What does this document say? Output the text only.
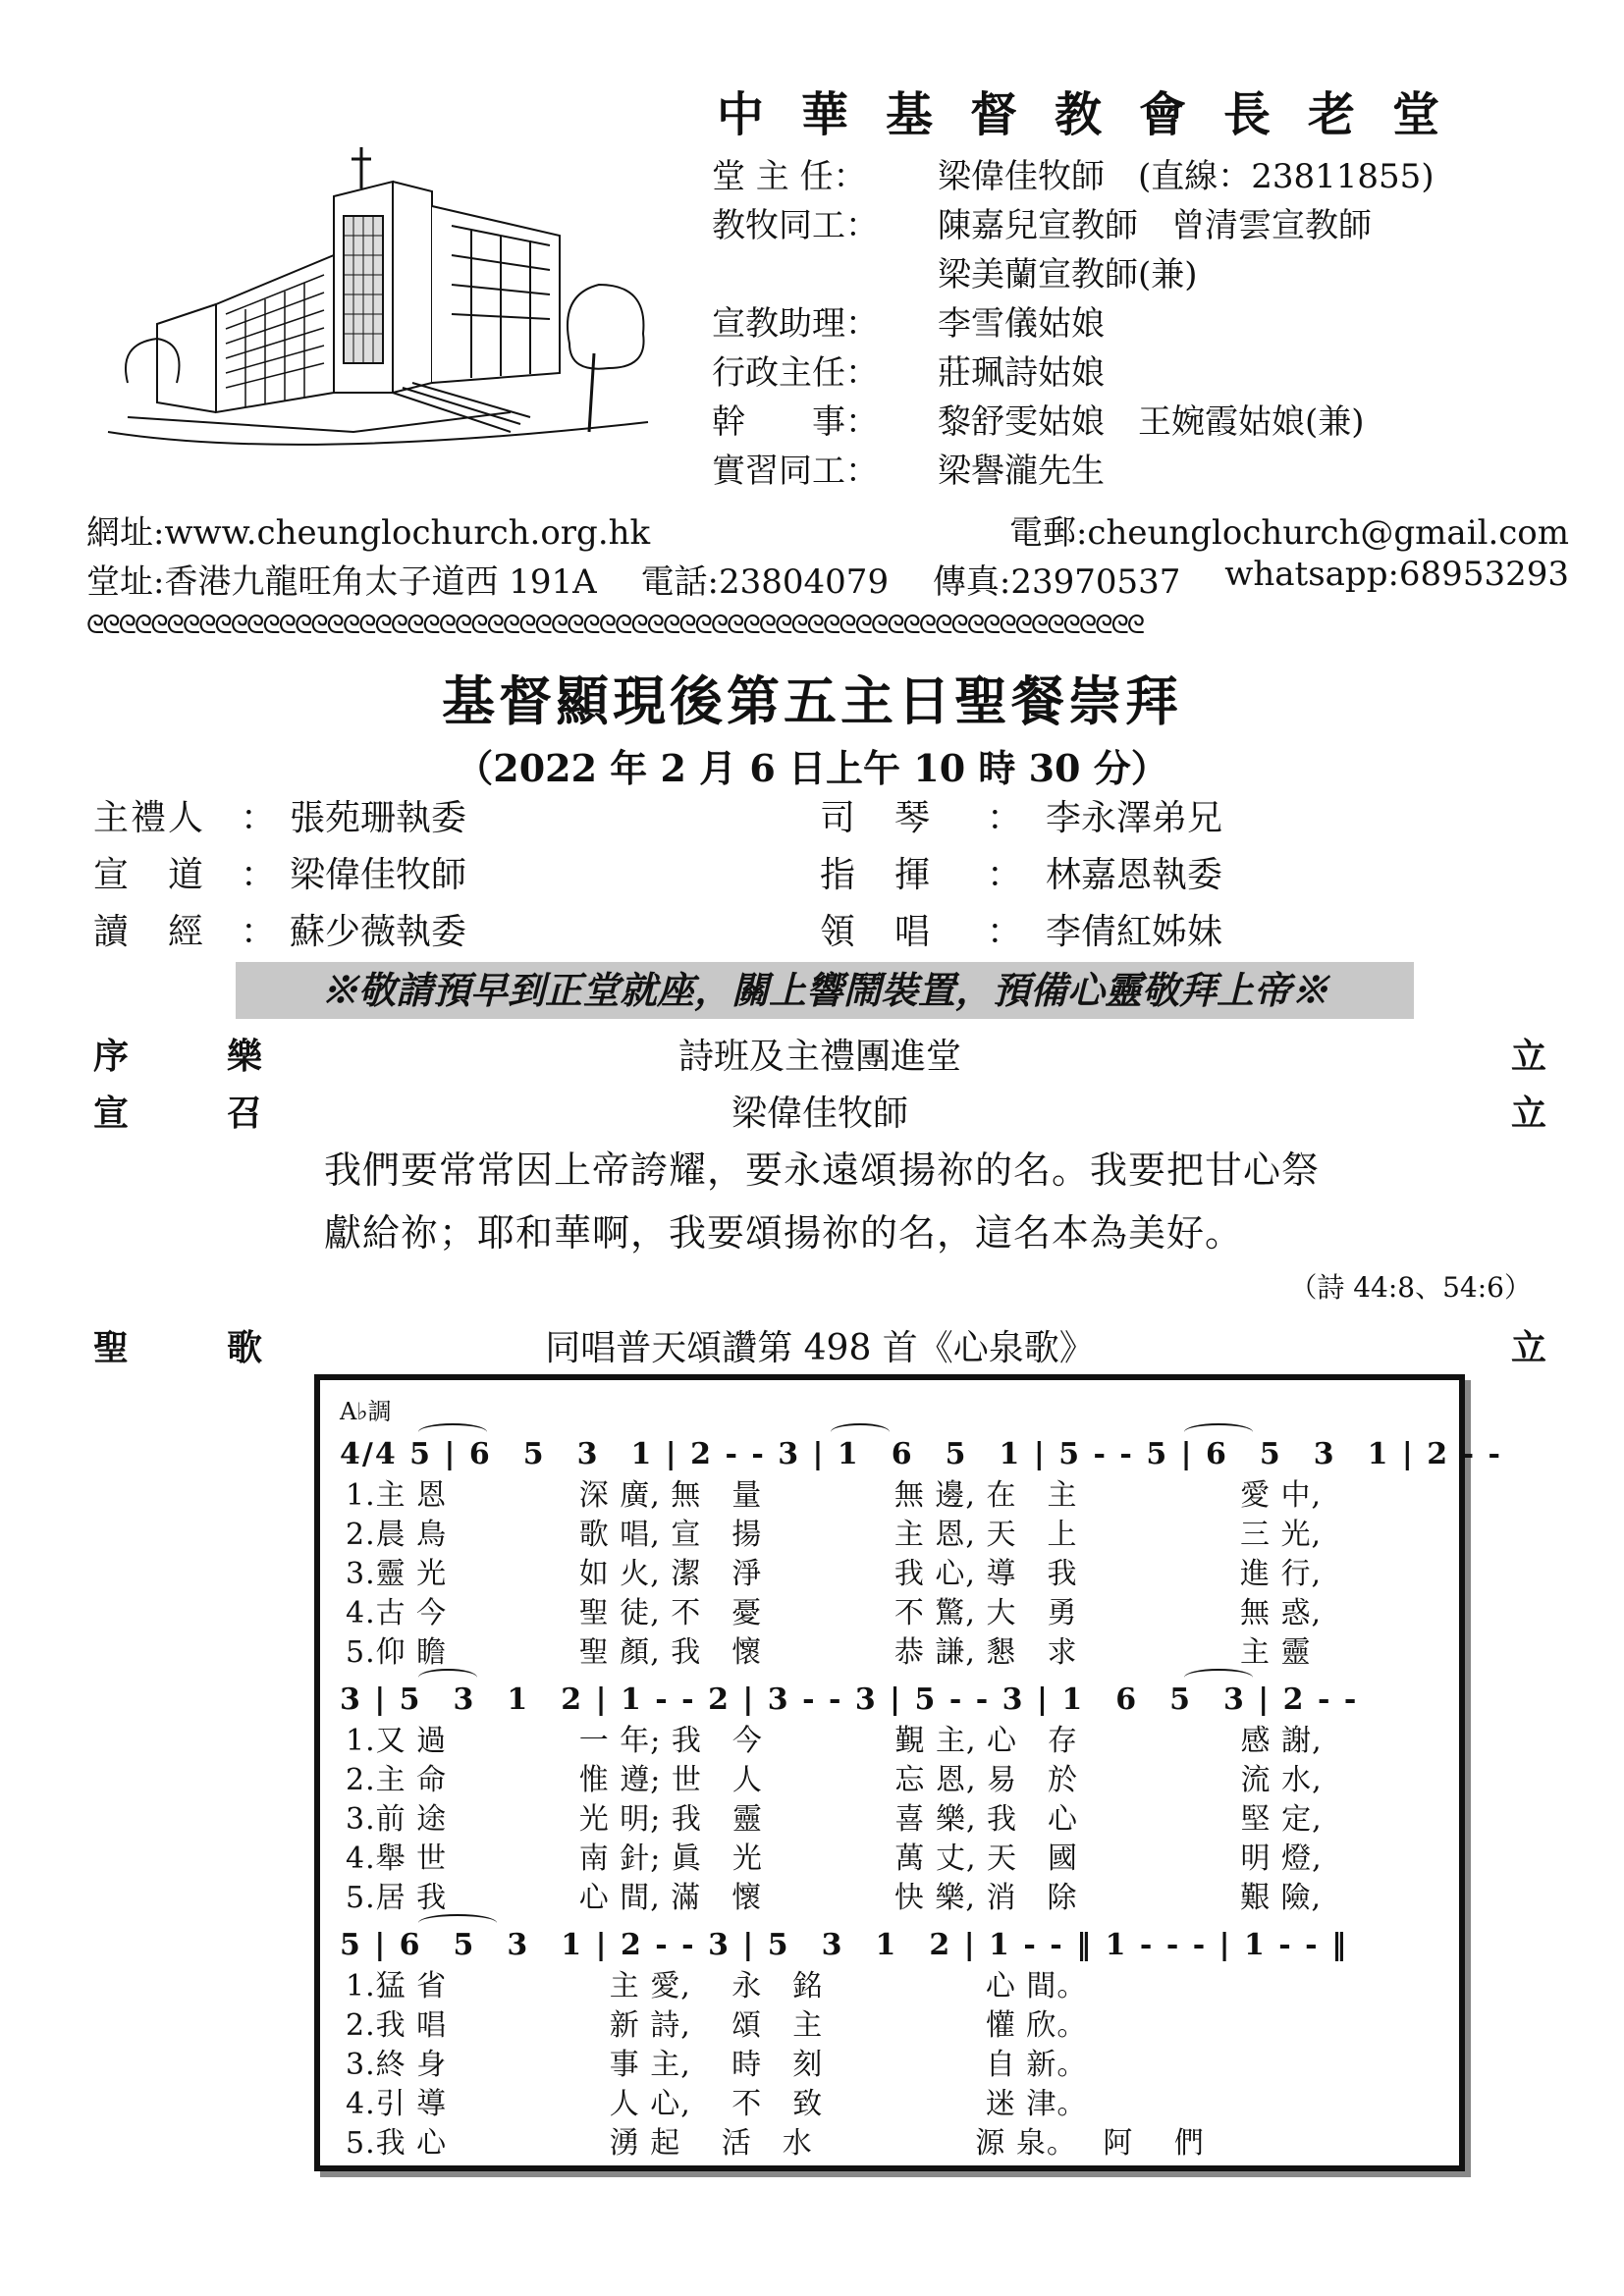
中華基督教會長老堂
堂 主 任：	梁偉佳牧師　(直線：23811855)
教牧同工：	陳嘉兒宣教師　曾清雲宣教師
梁美蘭宣教師(兼)
宣教助理：	李雪儀姑娘
行政主任：	莊珮詩姑娘
幹　　事：	黎舒雯姑娘　王婉霞姑娘(兼)
實習同工：	梁譽瀧先生
網址:www.cheunglochurch.org.hk	電郵:cheunglochurch@gmail.com
堂址:香港九龍旺角太子道西 191A 電話:23804079 傳真:23970537 whatsapp:68953293
ᘓᘓᘓᘓᘓᘓᘓᘓᘓᘓᘓᘓᘓᘓᘓᘓᘓᘓᘓᘓᘓᘓᘓᘓᘓᘓᘓᘓᘓᘓᘓᘓᘓᘓᘓᘓᘓᘓᘓᘓᘓᘓᘓᘓᘓᘓᘓᘓᘓᘓᘓᘓᘓᘓᘓᘓᘓᘓᘓᘓᘓᘓᘓᘓᘓᘓ
基督顯現後第五主日聖餐崇拜
（2022 年 2 月 6 日上午 10 時 30 分）
主禮人 ： 張苑珊執委	司　琴	： 李永澤弟兄
宣　道 ： 梁偉佳牧師	指　揮	： 林嘉恩執委
讀　經 ： 蘇少薇執委	領　唱	： 李倩紅姊妹
※敬請預早到正堂就座，關上響鬧裝置，預備心靈敬拜上帝※
序樂	詩班及主禮團進堂	立
宣召	梁偉佳牧師	立
我們要常常因上帝誇耀，要永遠頌揚祢的名。我要把甘心祭
獻給祢；耶和華啊，我要頌揚祢的名，這名本為美好。
（詩 44:8、54:6）
聖歌	同唱普天頌讚第 498 首《心泉歌》	立
A♭調
4/4 5 | 6　5　3　1 | 2 - - 3 | 1　6　5　1 | 5 - - 5 | 6　5　3　1 | 2 - -
1.主 恩　　　　 深 廣, 無　量　　　　 無 邊, 在　主　　　　　 愛 中,
2.晨 鳥　　　　 歌 唱, 宣　揚　　　　 主 恩, 天　上　　　　　 三 光,
3.靈 光　　　　 如 火, 潔　淨　　　　 我 心, 導　我　　　　　 進 行,
4.古 今　　　　 聖 徒, 不　憂　　　　 不 驚, 大　勇　　　　　 無 惑,
5.仰 瞻　　　　 聖 顏, 我　懷　　　　 恭 謙, 懇　求　　　　　 主 靈
3 | 5　3　1　2 | 1 - - 2 | 3 - - 3 | 5 - - 3 | 1　6　5　3 | 2 - -
1.又 過　　　　 一 年; 我　今　　　　 覲 主, 心　存　　　　　 感 謝,
2.主 命　　　　 惟 遵; 世　人　　　　 忘 恩, 易　於　　　　　 流 水,
3.前 途　　　　 光 明; 我　靈　　　　 喜 樂, 我　心　　　　　 堅 定,
4.舉 世　　　　 南 針; 眞　光　　　　 萬 丈, 天　國　　　　　 明 燈,
5.居 我　　　　 心 間, 滿　懷　　　　 快 樂, 消　除　　　　　 艱 險,
5 | 6　5　3　1 | 2 - - 3 | 5　3　1　2 | 1 - - ‖ 1 - - - | 1 - - ‖
1.猛 省　　　　　 主 愛,　 永　銘　　　　　 心 間。
2.我 唱　　　　　 新 詩,　 頌　主　　　　　 懽 欣。
3.終 身　　　　　 事 主,　 時　刻　　　　　 自 新。
4.引 導　　　　　 人 心,　 不　致　　　　　 迷 津。
5.我 心　　　　　 湧 起　 活　水　　　　　 源 泉。　 阿　 們
